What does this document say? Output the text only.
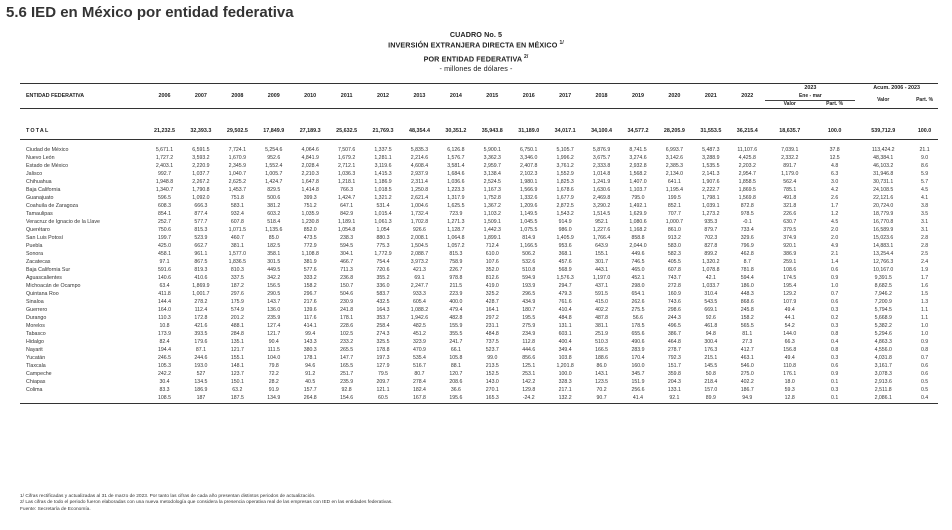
5.6 IED en México por entidad federativa
CUADRO No. 5
INVERSIÓN EXTRANJERA DIRECTA EN MÉXICO $^{1/}$
POR ENTIDAD FEDERATIVA $^{2/}$
- millones de dólares -
ENTIDAD FEDERATIVA	2006	2007	2008	2009	2010	2011	2012	2013	2014	2015	2016	2017	2018	2019	2020	2021	2022	2023		Acum. 2006 - 2023	
																		Ene - mar		Valor	Part. %
																		Valor	Part. %		

TOTAL	21,232.5	32,393.3	29,502.5	17,849.9	27,189.3	25,632.5	21,769.3	48,354.4	30,351.2	35,943.8	31,189.0	34,017.1	34,100.4	34,577.2	28,205.9	31,553.5	36,215.4	18,635.7	100.0	539,712.9	100.0

Ciudad de México	5,671.1	6,591.5	7,724.1	5,254.6	4,064.6	7,507.6	1,337.5	5,835.3	6,126.8	5,900.1	6,750.1	5,105.7	5,876.9	8,741.5	6,993.7	5,487.3	11,107.6	7,039.1	37.8	113,424.2	21.1
Nuevo León	1,727.2	3,593.2	1,670.9	952.6	4,841.9	1,679.2	1,281.1	2,214.6	1,576.7	3,362.3	3,346.0	1,996.2	3,675.7	3,274.6	3,142.6	3,288.9	4,425.8	2,332.2	12.5	48,384.1	9.0
Estado de México	2,403.1	2,220.9	2,345.9	1,552.4	2,028.4	2,712.1	3,119.6	4,608.4	3,581.4	2,959.7	2,407.8	3,761.2	2,333.8	2,932.8	2,385.3	1,535.5	2,203.2	891.7	4.8	46,103.2	8.6
Jalisco	992.7	1,037.7	1,040.7	1,005.7	2,210.3	1,036.3	1,415.3	2,937.9	1,684.6	3,138.4	2,102.3	1,552.9	1,014.8	1,568.2	2,134.0	2,141.3	2,954.7	1,179.0	6.3	31,946.8	5.9
Chihuahua	1,948.8	2,267.2	2,625.2	1,424.7	1,647.8	1,218.1	1,186.9	2,311.4	1,036.6	2,524.5	1,980.1	1,825.3	1,241.9	1,407.0	641.1	1,907.6	1,858.5	562.4	3.0	30,731.1	5.7
Baja California	1,340.7	1,790.8	1,453.7	829.5	1,414.8	766.3	1,018.5	1,250.8	1,223.3	1,167.3	1,566.9	1,678.6	1,630.6	1,103.7	1,195.4	2,222.7	1,869.5	785.1	4.2	24,108.5	4.5
Guanajuato	596.5	1,092.0	751.8	500.6	399.3	1,424.7	1,321.2	2,621.4	1,317.9	1,752.8	1,332.6	1,677.9	2,469.8	795.0	199.5	1,798.1	1,569.8	491.8	2.6	22,121.6	4.1
Coahuila de Zaragoza	608.3	666.3	583.1	381.2	751.2	647.1	531.4	1,004.6	1,625.5	1,367.2	1,209.6	2,872.5	3,290.2	1,492.1	852.1	1,039.1	872.8	321.8	1.7	20,724.0	3.8
Tamaulipas	854.1	877.4	932.4	603.2	1,035.9	842.9	1,015.4	1,732.4	723.9	1,103.2	1,149.5	1,543.2	1,514.5	1,629.9	707.7	1,273.2	978.5	226.6	1.2	18,779.9	3.5
Veracruz de Ignacio de la Llave	252.7	577.7	607.8	518.4	1,230.8	1,189.1	1,061.3	1,702.8	1,271.3	1,509.1	1,045.5	914.9	952.1	1,080.6	1,000.7	935.3	-0.1	630.7	4.5	16,770.8	3.1
Querétaro	750.6	815.3	1,071.5	1,135.6	852.0	1,054.8	1,054	926.6	1,128.7	1,442.3	1,075.5	986.0	1,227.6	1,168.2	861.0	879.7	733.4	379.5	2.0	16,589.9	3.1
San Luis Potosí	199.7	523.9	460.7	85.0	473.5	238.3	880.3	2,008.1	1,064.8	1,899.1	814.9	1,405.9	1,766.4	858.8	913.2	702.3	329.6	374.9	2.0	15,023.6	2.8
Puebla	425.0	662.7	381.1	182.5	772.9	594.5	775.3	1,504.5	1,057.2	712.4	1,166.5	953.6	643.9	2,044.0	583.0	827.8	796.9	920.1	4.9	14,883.1	2.8
Sonora	458.1	961.1	1,577.0	358.1	1,108.8	304.1	1,772.9	2,088.7	815.3	610.0	506.2	368.1	155.1	449.6	582.3	899.2	462.8	386.9	2.1	13,254.4	2.5
Zacatecas	97.1	867.5	1,836.5	301.5	381.9	466.7	754.4	3,973.2	758.9	107.6	532.6	457.6	301.7	746.5	405.5	1,320.2	8.7	259.1	1.4	12,766.3	2.4
Baja California Sur	591.6	819.3	810.3	449.5	577.6	711.3	720.6	421.3	226.7	352.0	510.8	568.9	443.1	465.0	607.8	1,078.8	781.8	108.6	0.6	10,167.0	1.9
Aguascalientes	140.6	410.6	337.5	342.2	333.2	236.8	355.2	69.1	978.8	812.6	594.9	1,576.3	1,197.0	452.1	743.7	42.1	594.4	174.5	0.9	9,391.5	1.7
Michoacán de Ocampo	63.4	1,869.9	187.2	156.5	158.2	150.7	336.0	2,247.7	211.5	419.0	193.9	294.7	437.1	298.0	272.8	1,033.7	186.0	195.4	1.0	8,682.5	1.6
Quintana Roo	411.8	1,001.7	297.6	290.5	296.7	504.6	583.7	933.3	223.9	325.2	296.5	479.3	591.5	654.1	160.9	310.4	448.3	129.2	0.7	7,946.2	1.5
Sinaloa	144.4	278.2	175.9	143.7	217.6	230.9	432.5	605.4	400.0	428.7	434.9	761.6	415.0	262.6	743.6	543.5	868.6	107.9	0.6	7,200.9	1.3
Guerrero	164.0	112.4	574.9	136.0	139.6	241.8	164.3	1,088.2	479.4	164.1	180.7	410.4	402.2	275.5	298.6	669.1	245.8	49.4	0.3	5,794.5	1.1
Durango	110.3	172.8	201.2	235.9	117.6	178.1	353.7	1,942.6	482.8	297.2	195.5	484.8	487.8	56.6	244.3	92.6	158.2	44.1	0.2	5,668.9	1.1
Morelos	10.8	421.6	488.1	127.4	414.1	228.6	258.4	482.5	155.9	231.1	275.9	131.1	381.1	178.5	496.5	461.8	565.5	54.2	0.3	5,382.2	1.0
Tabasco	173.9	393.5	284.8	121.7	99.4	102.5	274.3	451.2	355.5	484.8	234.9	603.1	251.9	655.6	386.7	94.8	81.1	144.0	0.8	5,294.6	1.0
Hidalgo	82.4	179.6	135.1	90.4	143.3	233.2	325.5	323.9	241.7	737.5	112.8	400.4	510.3	490.6	464.8	300.4	27.3	66.3	0.4	4,863.3	0.9
Nayarit	194.4	87.1	121.7	111.5	380.3	265.5	178.8	470.9	66.1	523.7	444.6	349.4	166.5	283.9	278.7	176.3	412.7	156.8	0.8	4,556.0	0.8
Yucatán	246.5	244.6	155.1	104.0	178.1	147.7	197.3	535.4	105.8	99.0	856.6	103.8	188.6	170.4	792.3	215.1	463.1	49.4	0.3	4,031.8	0.7
Tlaxcala	105.3	193.0	148.1	79.8	94.6	165.5	127.9	516.7	88.1	213.5	125.1	1,201.8	86.0	160.0	151.7	145.5	546.0	110.8	0.6	3,161.7	0.6
Campeche	242.2	527	123.7	72.2	91.2	251.7	79.5	80.7	120.7	152.5	253.1	100.0	143.1	345.7	359.8	50.8	275.0	176.1	0.9	3,078.3	0.6
Chiapas	30.4	134.5	150.1	28.2	40.5	235.9	209.7	278.4	208.6	143.0	142.2	328.3	123.5	151.9	204.3	218.4	402.2	18.0	0.1	2,913.6	0.5
Colima	83.3	186.9	63.2	91.9	157.7	92.8	121.1	182.4	36.6	270.1	129.8	217.1	70.2	256.6	133.1	157.0	186.7	59.3	0.3	2,511.8	0.5
	108.5	187	187.5	134.9	264.8	154.6	60.5	167.8	195.6	165.3	-24.2	132.2	90.7	41.4	92.1	89.9	94.9	12.8	0.1	2,086.1	0.4
1/ Cifras rectificadas y actualizadas al 31 de marzo de 2023. Por tanto las cifras de cada año presentan distintos periodos de actualización.
2/ Las cifras de todo el periodo fueron elaboradas con una nueva metodología que considera la presencia operativa real de las empresas con IED en las entidades federativas.
Fuente: Secretaría de Economía.
